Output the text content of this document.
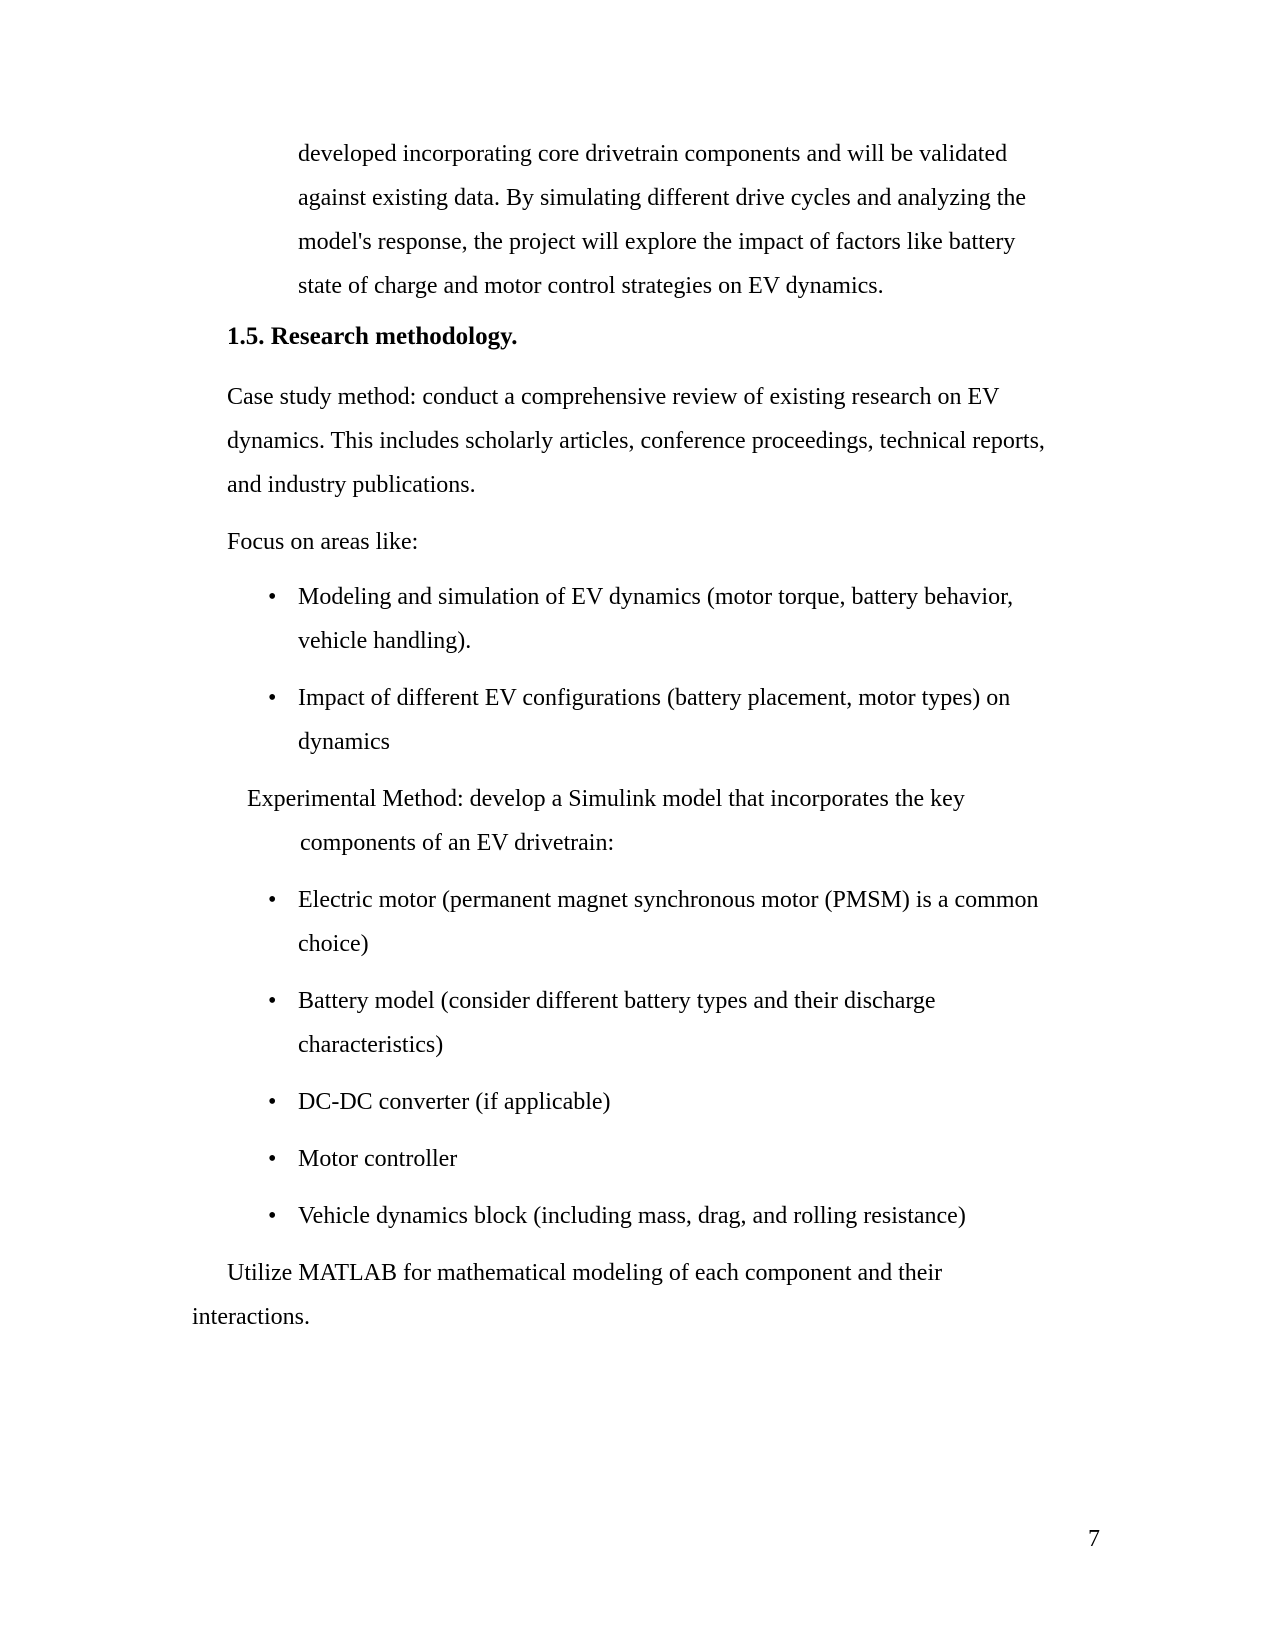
developed incorporating core drivetrain components and will be validated
against existing data. By simulating different drive cycles and analyzing the
model's response, the project will explore the impact of factors like battery
state of charge and motor control strategies on EV dynamics.
1.5. Research methodology.
Case study method: conduct a comprehensive review of existing research on EV
dynamics. This includes scholarly articles, conference proceedings, technical reports,
and industry publications.
Focus on areas like:
• Modeling and simulation of EV dynamics (motor torque, battery behavior,
vehicle handling).
• Impact of different EV configurations (battery placement, motor types) on
dynamics
Experimental Method: develop a Simulink model that incorporates the key
components of an EV drivetrain:
• Electric motor (permanent magnet synchronous motor (PMSM) is a common
choice)
• Battery model (consider different battery types and their discharge
characteristics)
• DC-DC converter (if applicable)
• Motor controller
• Vehicle dynamics block (including mass, drag, and rolling resistance)
Utilize MATLAB for mathematical modeling of each component and their
interactions.
7
